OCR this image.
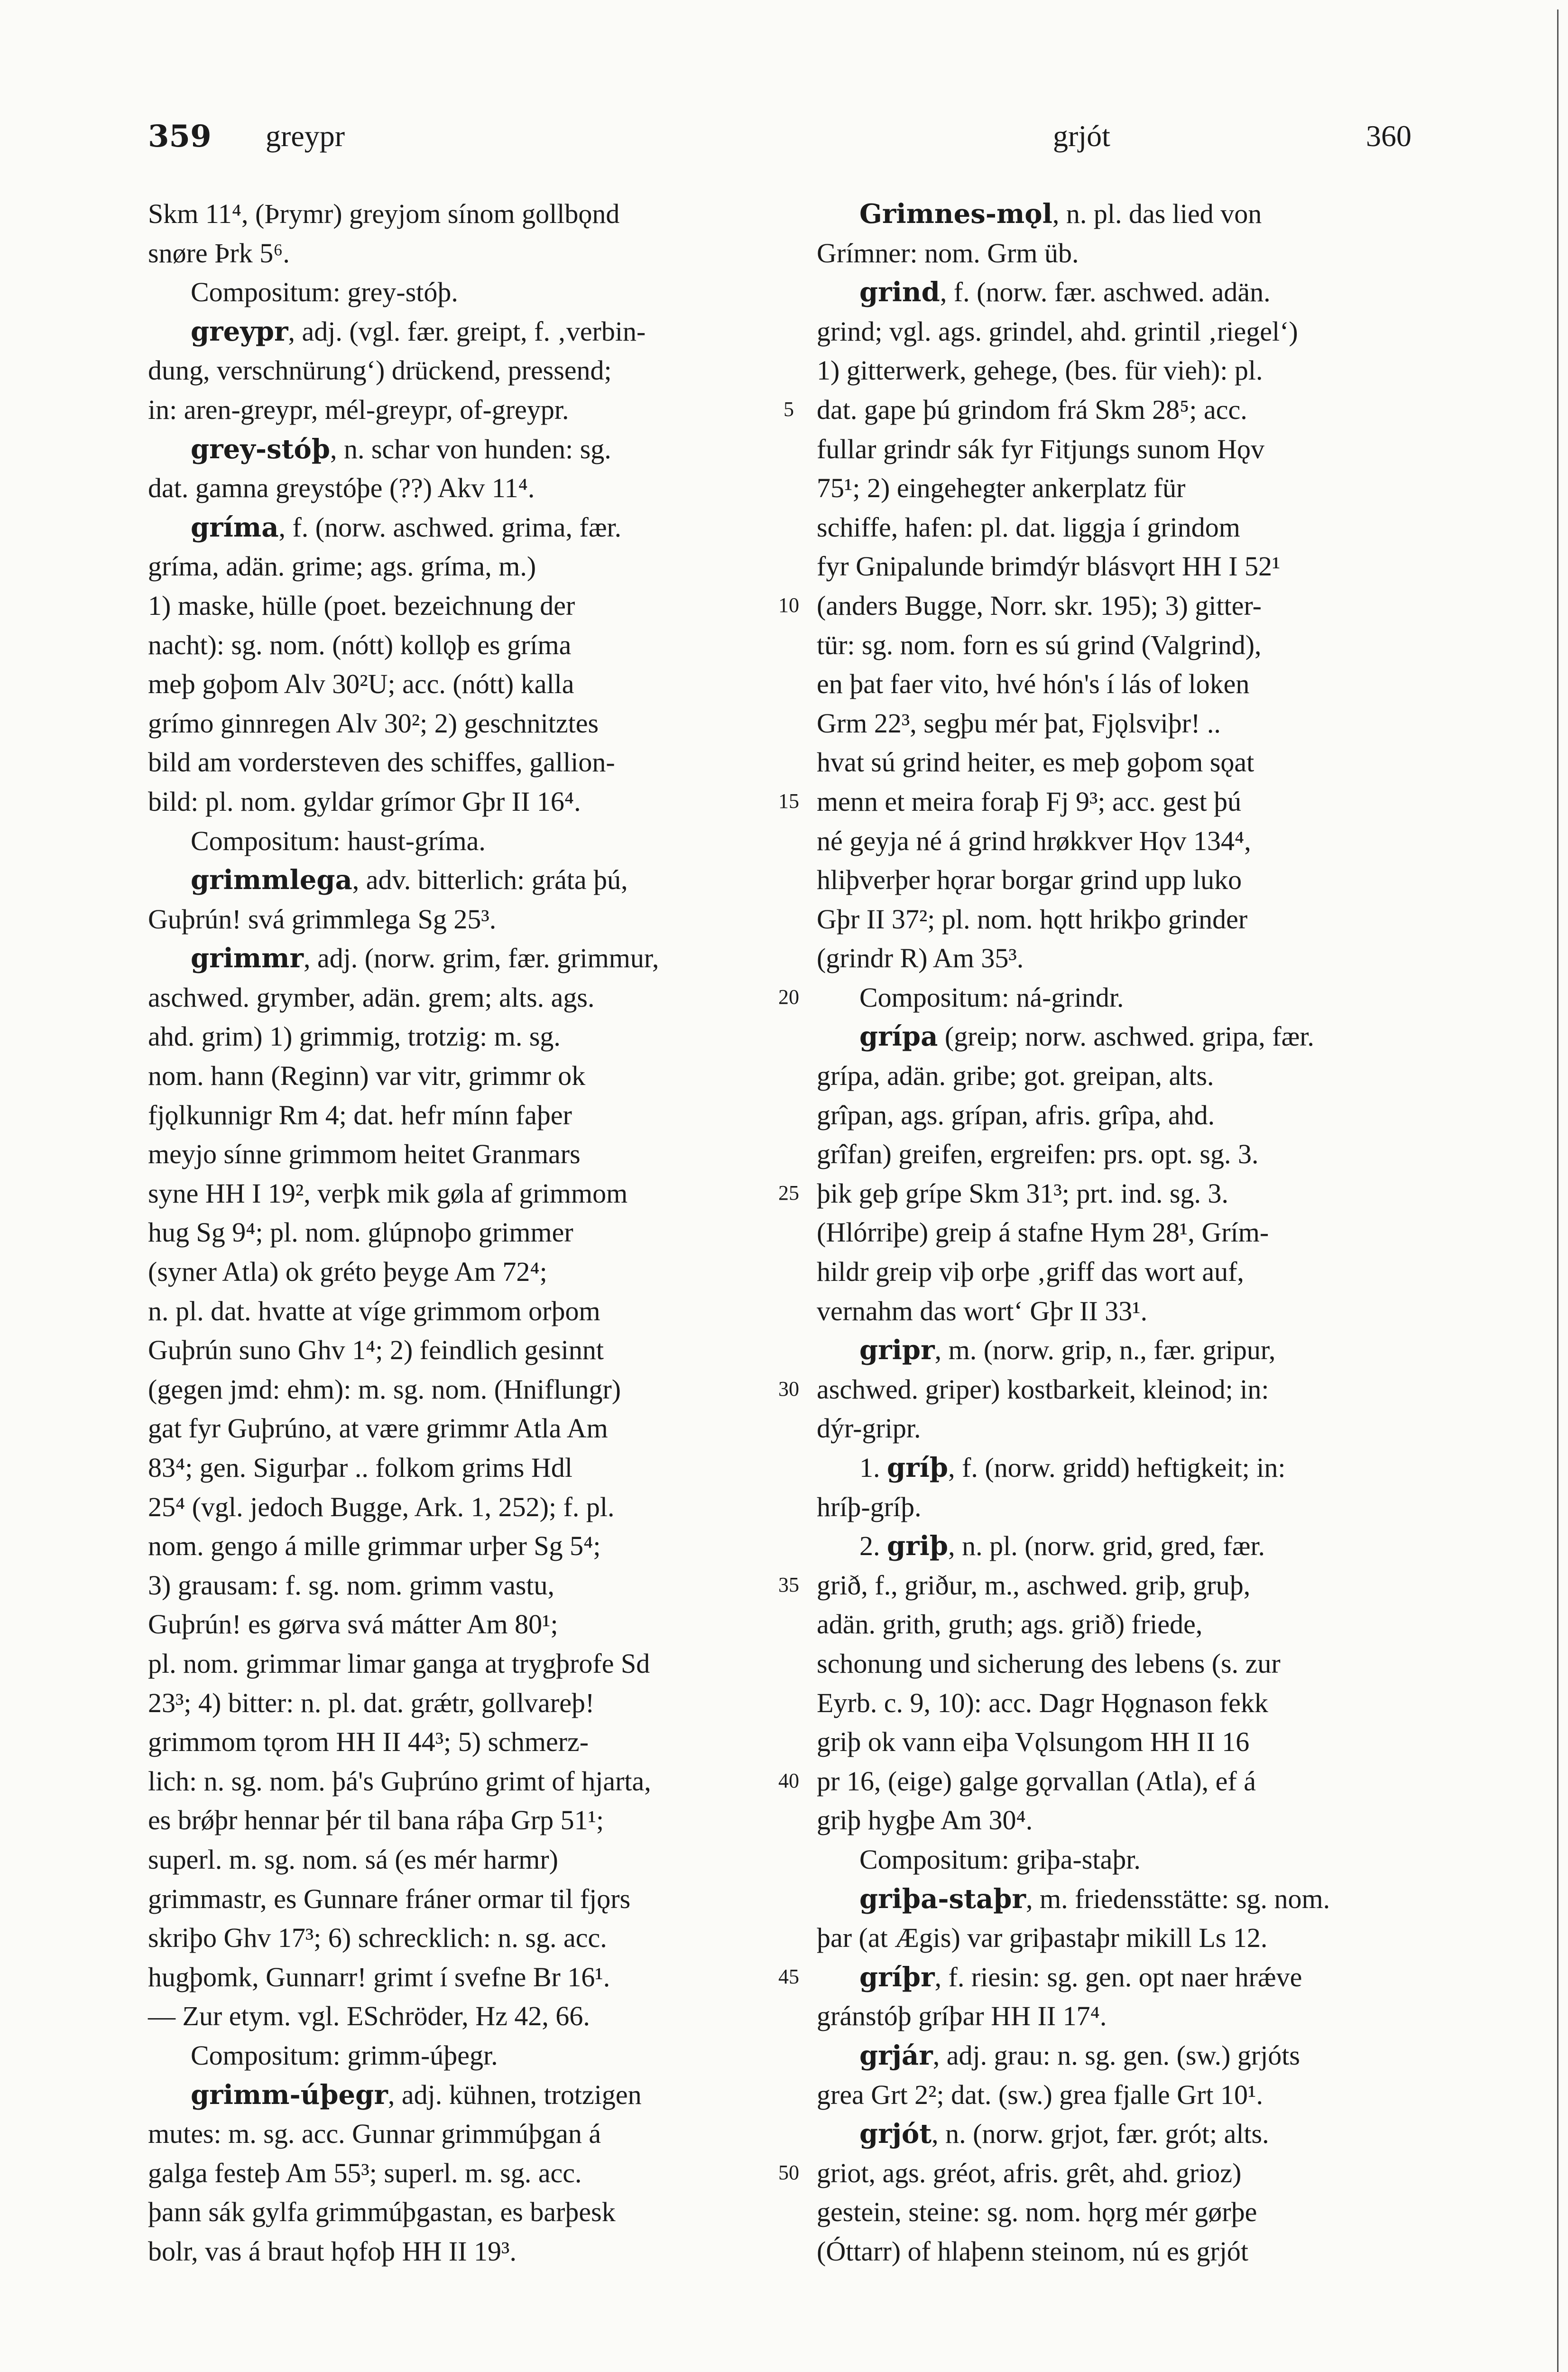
359 greypr	grjót	360
Skm 11⁴, (Þrymr) greyjom sínom gollbǫnd
snøre Þrk 5⁶.
Compositum: grey-stóþ.
greypr, adj. (vgl. fær. greipt, f. ‚verbin-
dung, verschnürung‘) drückend, pressend;
in: aren-greypr, mél-greypr, of-greypr.
grey-stóþ, n. schar von hunden: sg.
dat. gamna greystóþe (??) Akv 11⁴.
gríma, f. (norw. aschwed. grima, fær.
gríma, adän. grime; ags. gríma, m.)
1) maske, hülle (poet. bezeichnung der
nacht): sg. nom. (nótt) kollǫþ es gríma
meþ goþom Alv 30²U; acc. (nótt) kalla
grímo ginnregen Alv 30²; 2) geschnitztes
bild am vordersteven des schiffes, gallion-
bild: pl. nom. gyldar grímor Gþr II 16⁴.
Compositum: haust-gríma.
grimmlega, adv. bitterlich: gráta þú,
Guþrún! svá grimmlega Sg 25³.
grimmr, adj. (norw. grim, fær. grimmur,
aschwed. grymber, adän. grem; alts. ags.
ahd. grim) 1) grimmig, trotzig: m. sg.
nom. hann (Reginn) var vitr, grimmr ok
fjǫlkunnigr Rm 4; dat. hefr mínn faþer
meyjo sínne grimmom heitet Granmars
syne HH I 19², verþk mik gøla af grimmom
hug Sg 9⁴; pl. nom. glúpnoþo grimmer
(syner Atla) ok gréto þeyge Am 72⁴;
n. pl. dat. hvatte at víge grimmom orþom
Guþrún suno Ghv 1⁴; 2) feindlich gesinnt
(gegen jmd: ehm): m. sg. nom. (Hniflungr)
gat fyr Guþrúno, at være grimmr Atla Am
83⁴; gen. Sigurþar .. folkom grims Hdl
25⁴ (vgl. jedoch Bugge, Ark. 1, 252); f. pl.
nom. gengo á mille grimmar urþer Sg 5⁴;
3) grausam: f. sg. nom. grimm vastu,
Guþrún! es gørva svá mátter Am 80¹;
pl. nom. grimmar limar ganga at trygþrofe Sd
23³; 4) bitter: n. pl. dat. grǽtr, gollvareþ!
grimmom tǫrom HH II 44³; 5) schmerz-
lich: n. sg. nom. þá's Guþrúno grimt of hjarta,
es brǿþr hennar þér til bana ráþa Grp 51¹;
superl. m. sg. nom. sá (es mér harmr)
grimmastr, es Gunnare fráner ormar til fjǫrs
skriþo Ghv 17³; 6) schrecklich: n. sg. acc.
hugþomk, Gunnarr! grimt í svefne Br 16¹.
— Zur etym. vgl. ESchröder, Hz 42, 66.
Compositum: grimm-úþegr.
grimm-úþegr, adj. kühnen, trotzigen
mutes: m. sg. acc. Gunnar grimmúþgan á
galga festeþ Am 55³; superl. m. sg. acc.
þann sák gylfa grimmúþgastan, es barþesk
bolr, vas á braut hǫfoþ HH II 19³.
Grimnes-mǫl, n. pl. das lied von
Grímner: nom. Grm üb.
grind, f. (norw. fær. aschwed. adän.
grind; vgl. ags. grindel, ahd. grintil ‚riegel‘)
1) gitterwerk, gehege, (bes. für vieh): pl.
dat. gape þú grindom frá Skm 28⁵; acc.
fullar grindr sák fyr Fitjungs sunom Hǫv
75¹; 2) eingehegter ankerplatz für
schiffe, hafen: pl. dat. liggja í grindom
fyr Gnipalunde brimdýr blásvǫrt HH I 52¹
(anders Bugge, Norr. skr. 195); 3) gitter-
tür: sg. nom. forn es sú grind (Valgrind),
en þat faer vito, hvé hón's í lás of loken
Grm 22³, segþu mér þat, Fjǫlsviþr! ..
hvat sú grind heiter, es meþ goþom sǫat
menn et meira foraþ Fj 9³; acc. gest þú
né geyja né á grind hrøkkver Hǫv 134⁴,
hliþverþer hǫrar borgar grind upp luko
Gþr II 37²; pl. nom. hǫtt hrikþo grinder
(grindr R) Am 35³.
Compositum: ná-grindr.
grípa (greip; norw. aschwed. gripa, fær.
grípa, adän. gribe; got. greipan, alts.
grîpan, ags. grípan, afris. grîpa, ahd.
grîfan) greifen, ergreifen: prs. opt. sg. 3.
þik geþ grípe Skm 31³; prt. ind. sg. 3.
(Hlórriþe) greip á stafne Hym 28¹, Grím-
hildr greip viþ orþe ‚griff das wort auf,
vernahm das wort‘ Gþr II 33¹.
gripr, m. (norw. grip, n., fær. gripur,
aschwed. griper) kostbarkeit, kleinod; in:
dýr-gripr.
1. gríþ, f. (norw. gridd) heftigkeit; in:
hríþ-gríþ.
2. griþ, n. pl. (norw. grid, gred, fær.
grið, f., griður, m., aschwed. griþ, gruþ,
adän. grith, gruth; ags. grið) friede,
schonung und sicherung des lebens (s. zur
Eyrb. c. 9, 10): acc. Dagr Hǫgnason fekk
griþ ok vann eiþa Vǫlsungom HH II 16
pr 16, (eige) galge gǫrvallan (Atla), ef á
griþ hygþe Am 30⁴.
Compositum: griþa-staþr.
griþa-staþr, m. friedensstätte: sg. nom.
þar (at Ægis) var griþastaþr mikill Ls 12.
gríþr, f. riesin: sg. gen. opt naer hrǽve
gránstóþ gríþar HH II 17⁴.
grjár, adj. grau: n. sg. gen. (sw.) grjóts
grea Grt 2²; dat. (sw.) grea fjalle Grt 10¹.
grjót, n. (norw. grjot, fær. grót; alts.
griot, ags. gréot, afris. grêt, ahd. grioz)
gestein, steine: sg. nom. hǫrg mér gørþe
(Óttarr) of hlaþenn steinom, nú es grjót
5
10
15
20
25
30
35
40
45
50
